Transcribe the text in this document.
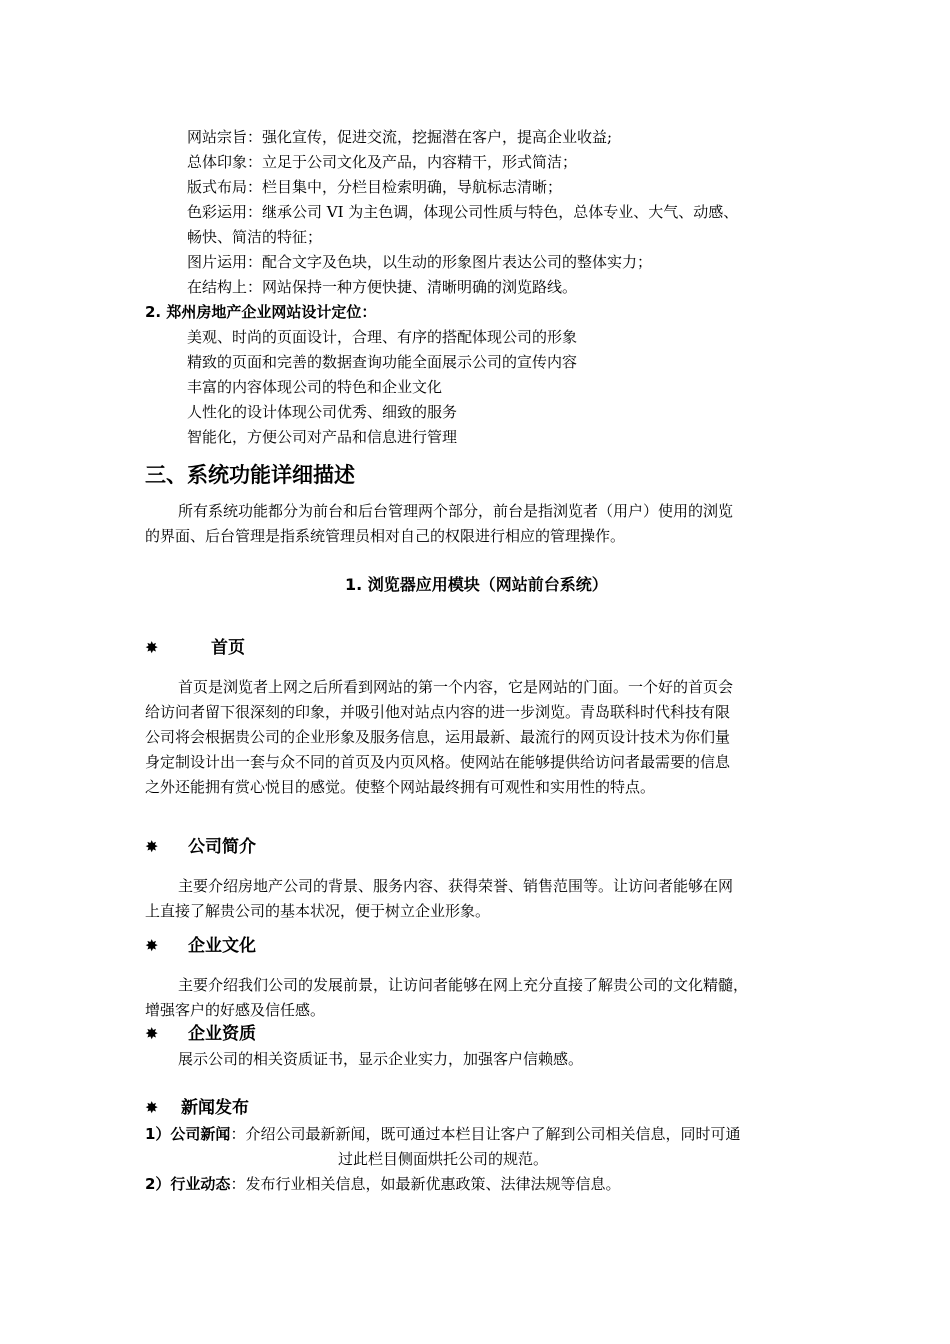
网站宗旨：强化宣传，促进交流，挖掘潜在客户，提高企业收益;
总体印象：立足于公司文化及产品，内容精干，形式简洁；
版式布局：栏目集中，分栏目检索明确，导航标志清晰；
色彩运用：继承公司 VI 为主色调，体现公司性质与特色，总体专业、大气、动感、
畅快、简洁的特征；
图片运用：配合文字及色块，以生动的形象图片表达公司的整体实力；
在结构上：网站保持一种方便快捷、清晰明确的浏览路线。
2. 郑州房地产企业网站设计定位：
美观、时尚的页面设计，合理、有序的搭配体现公司的形象
精致的页面和完善的数据查询功能全面展示公司的宣传内容
丰富的内容体现公司的特色和企业文化
人性化的设计体现公司优秀、细致的服务
智能化，方便公司对产品和信息进行管理
三、系统功能详细描述
所有系统功能都分为前台和后台管理两个部分，前台是指浏览者（用户）使用的浏览
的界面、后台管理是指系统管理员相对自己的权限进行相应的管理操作。
1. 浏览器应用模块（网站前台系统）
✸	首页
首页是浏览者上网之后所看到网站的第一个内容，它是网站的门面。一个好的首页会
给访问者留下很深刻的印象，并吸引他对站点内容的进一步浏览。青岛联科时代科技有限
公司将会根据贵公司的企业形象及服务信息，运用最新、最流行的网页设计技术为你们量
身定制设计出一套与众不同的首页及内页风格。使网站在能够提供给访问者最需要的信息
之外还能拥有赏心悦目的感觉。使整个网站最终拥有可观性和实用性的特点。
✸ 公司简介
主要介绍房地产公司的背景、服务内容、获得荣誉、销售范围等。让访问者能够在网
上直接了解贵公司的基本状况，便于树立企业形象。
✸ 企业文化
主要介绍我们公司的发展前景，让访问者能够在网上充分直接了解贵公司的文化精髓，
增强客户的好感及信任感。
✸ 企业资质
展示公司的相关资质证书，显示企业实力，加强客户信赖感。
✸ 新闻发布
1）公司新闻：介绍公司最新新闻，既可通过本栏目让客户了解到公司相关信息，同时可通
过此栏目侧面烘托公司的规范。
2）行业动态：发布行业相关信息，如最新优惠政策、法律法规等信息。
